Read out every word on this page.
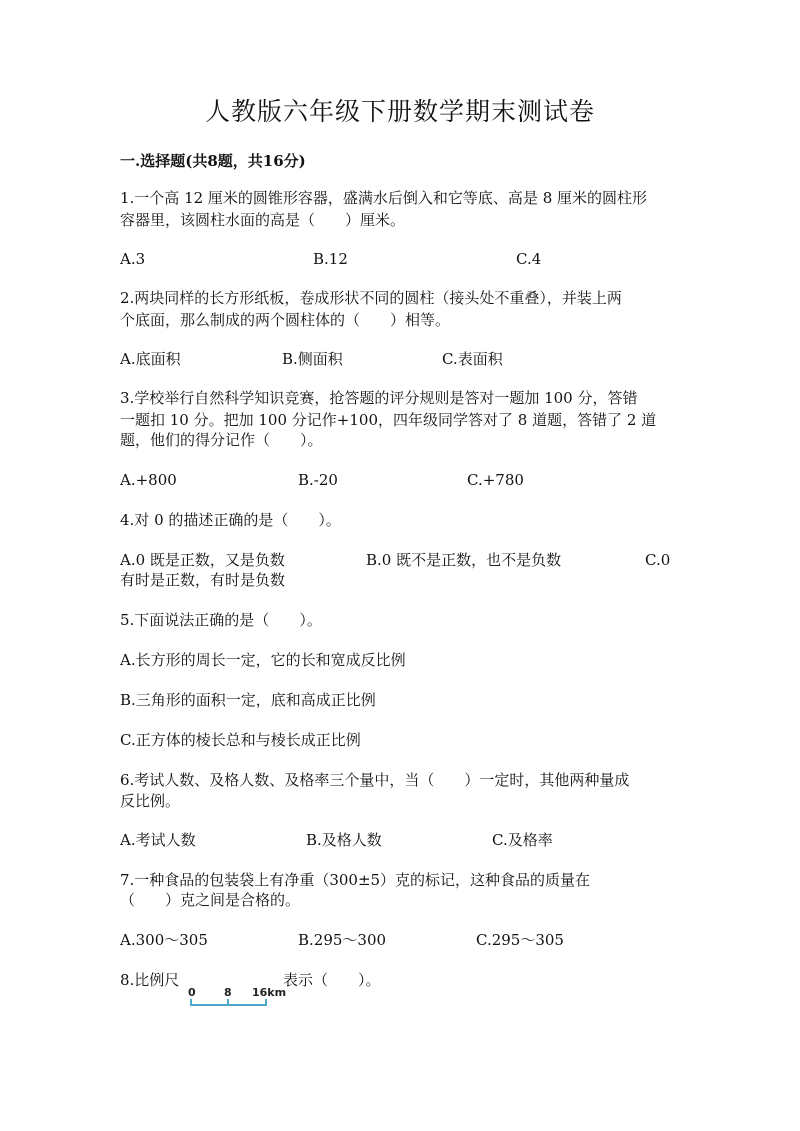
人教版六年级下册数学期末测试卷
一.选择题(共8题，共16分)
1.一个高 12 厘米的圆锥形容器，盛满水后倒入和它等底、高是 8 厘米的圆柱形
容器里，该圆柱水面的高是（　　）厘米。
A.3	B.12	C.4
2.两块同样的长方形纸板，卷成形状不同的圆柱（接头处不重叠），并装上两
个底面，那么制成的两个圆柱体的（　　）相等。
A.底面积	B.侧面积	C.表面积
3.学校举行自然科学知识竞赛，抢答题的评分规则是答对一题加 100 分，答错
一题扣 10 分。把加 100 分记作+100，四年级同学答对了 8 道题，答错了 2 道
题，他们的得分记作（　　）。
A.+800	B.-20	C.+780
4.对 0 的描述正确的是（　　）。
A.0 既是正数，又是负数	B.0 既不是正数，也不是负数	C.0
有时是正数，有时是负数
5.下面说法正确的是（　　）。
A.长方形的周长一定，它的长和宽成反比例
B.三角形的面积一定，底和高成正比例
C.正方体的棱长总和与棱长成正比例
6.考试人数、及格人数、及格率三个量中，当（　　）一定时，其他两种量成
反比例。
A.考试人数	B.及格人数	C.及格率
7.一种食品的包装袋上有净重（300±5）克的标记，这种食品的质量在
（　　）克之间是合格的。
A.300～305	B.295～300	C.295～305
8.比例尺
0	8 16km
表示（　　）。
